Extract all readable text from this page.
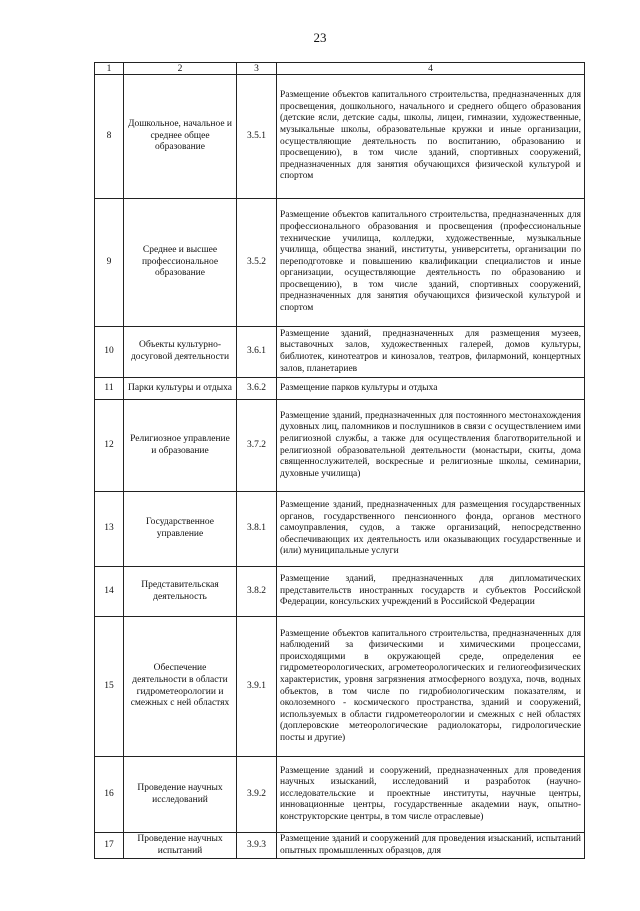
23
1	2	3	4
8	Дошкольное, начальное и среднее общее образование	3.5.1	Размещение объектов капитального строительства, предназначенных для просвещения, дошкольного, начального и среднего общего образования (детские ясли, детские сады, школы, лицеи, гимназии, художественные, музыкальные школы, образовательные кружки и иные организации, осуществляющие деятельность по воспитанию, образованию и просвещению), в том числе зданий, спортивных сооружений, предназначенных для занятия обучающихся физической культурой и спортом
9	Среднее и высшее профессиональное образование	3.5.2	Размещение объектов капитального строительства, предназначенных для профессионального образования и просвещения (профессиональные технические училища, колледжи, художественные, музыкальные училища, общества знаний, институты, университеты, организации по переподготовке и повышению квалификации специалистов и иные организации, осуществляющие деятельность по образованию и просвещению), в том числе зданий, спортивных сооружений, предназначенных для занятия обучающихся физической культурой и спортом
10	Объекты культурно-досуговой деятельности	3.6.1	Размещение зданий, предназначенных для размещения музеев, выставочных залов, художественных галерей, домов культуры, библиотек, кинотеатров и кинозалов, театров, филармоний, концертных залов, планетариев
11	Парки культуры и отдыха	3.6.2	Размещение парков культуры и отдыха
12	Религиозное управление и образование	3.7.2	Размещение зданий, предназначенных для постоянного местонахождения духовных лиц, паломников и послушников в связи с осуществлением ими религиозной службы, а также для осуществления благотворительной и религиозной образовательной деятельности (монастыри, скиты, дома священнослужителей, воскресные и религиозные школы, семинарии, духовные училища)
13	Государственное управление	3.8.1	Размещение зданий, предназначенных для размещения государственных органов, государственного пенсионного фонда, органов местного самоуправления, судов, а также организаций, непосредственно обеспечивающих их деятельность или оказывающих государственные и (или) муниципальные услуги
14	Представительская деятельность	3.8.2	Размещение зданий, предназначенных для дипломатических представительств иностранных государств и субъектов Российской Федерации, консульских учреждений в Российской Федерации
15	Обеспечение деятельности в области гидрометеорологии и смежных с ней областях	3.9.1	Размещение объектов капитального строительства, предназначенных для наблюдений за физическими и химическими процессами, происходящими в окружающей среде, определения ее гидрометеорологических, агрометеорологических и гелиогеофизических характеристик, уровня загрязнения атмосферного воздуха, почв, водных объектов, в том числе по гидробиологическим показателям, и околоземного - космического пространства, зданий и сооружений, используемых в области гидрометеорологии и смежных с ней областях (доплеровские метеорологические радиолокаторы, гидрологические посты и другие)
16	Проведение научных исследований	3.9.2	Размещение зданий и сооружений, предназначенных для проведения научных изысканий, исследований и разработок (научно-исследовательские и проектные институты, научные центры, инновационные центры, государственные академии наук, опытно-конструкторские центры, в том числе отраслевые)
17	Проведение научных испытаний	3.9.3	Размещение зданий и сооружений для проведения изысканий, испытаний опытных промышленных образцов, для
